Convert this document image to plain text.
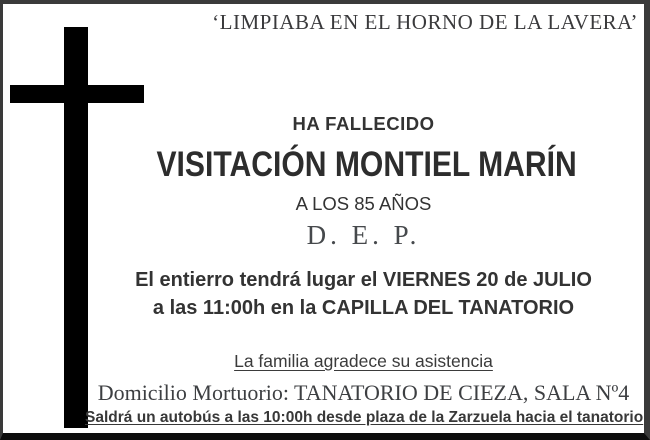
‘LIMPIABA EN EL HORNO DE LA LAVERA’
HA FALLECIDO
VISITACIÓN MONTIEL MARÍN
A LOS 85 AÑOS
D. E. P.
El entierro tendrá lugar el VIERNES 20 de JULIO
a las 11:00h en la CAPILLA DEL TANATORIO
La familia agradece su asistencia
Domicilio Mortuorio: TANATORIO DE CIEZA, SALA Nº4
Saldrá un autobús a las 10:00h desde plaza de la Zarzuela hacia el tanatorio
